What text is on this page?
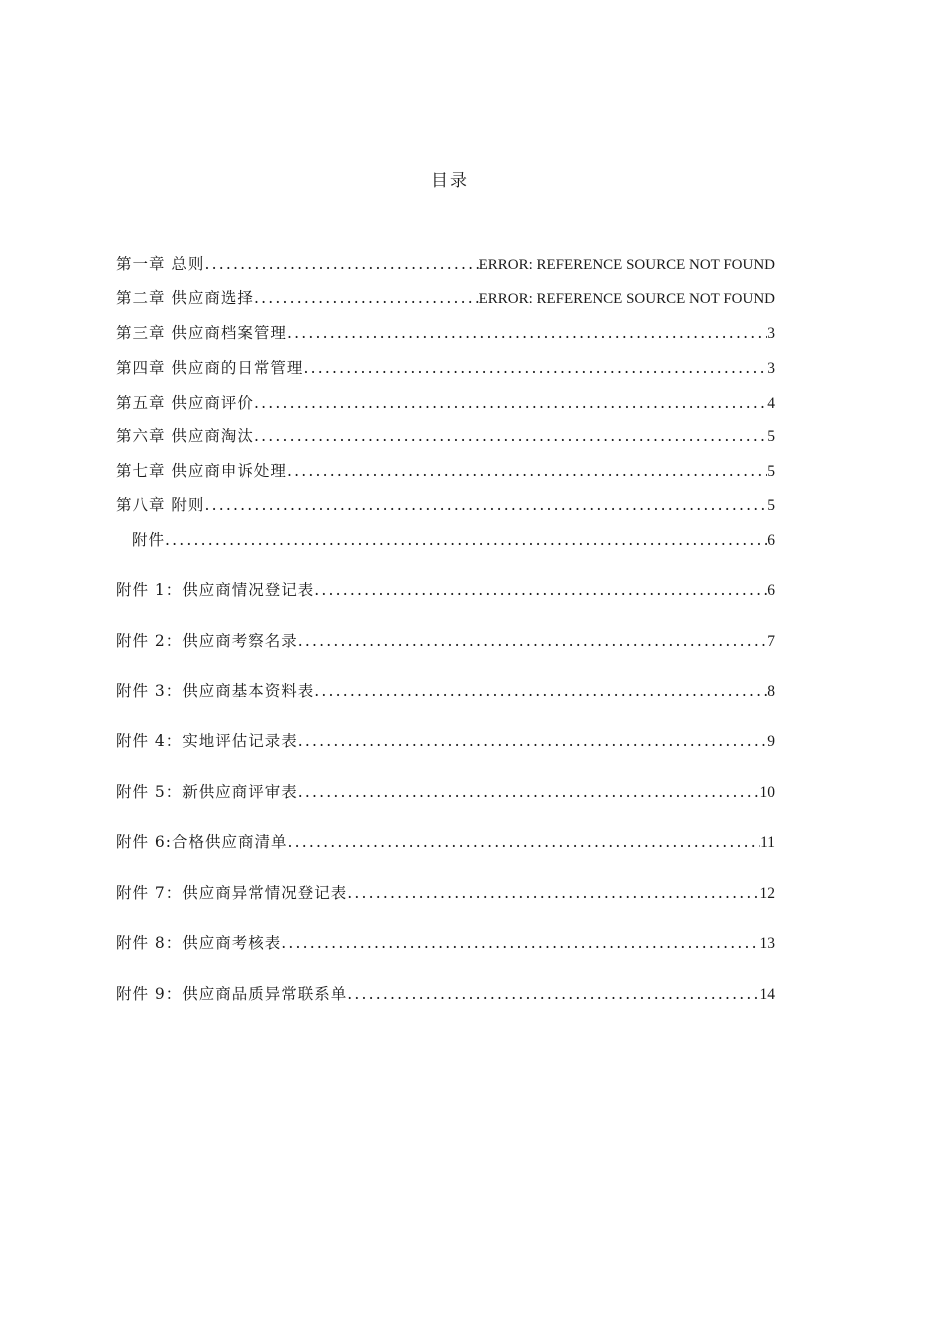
目录
第一章 总则 .....	ERROR: REFERENCE SOURCE NOT FOUND
第二章 供应商选择 .....	ERROR: REFERENCE SOURCE NOT FOUND
第三章 供应商档案管理 .....	3
第四章 供应商的日常管理 .....	3
第五章 供应商评价 .....	4
第六章 供应商淘汰 .....	5
第七章 供应商申诉处理 .....	5
第八章 附则 .....	5
附件 .....	6
附件 1：供应商情况登记表 .....	6
附件 2：供应商考察名录 .....	7
附件 3：供应商基本资料表 .....	8
附件 4：实地评估记录表 .....	9
附件 5：新供应商评审表 .....	10
附件 6:合格供应商清单 .....	11
附件 7：供应商异常情况登记表 .....	12
附件 8：供应商考核表 .....	13
附件 9：供应商品质异常联系单 .....	14
